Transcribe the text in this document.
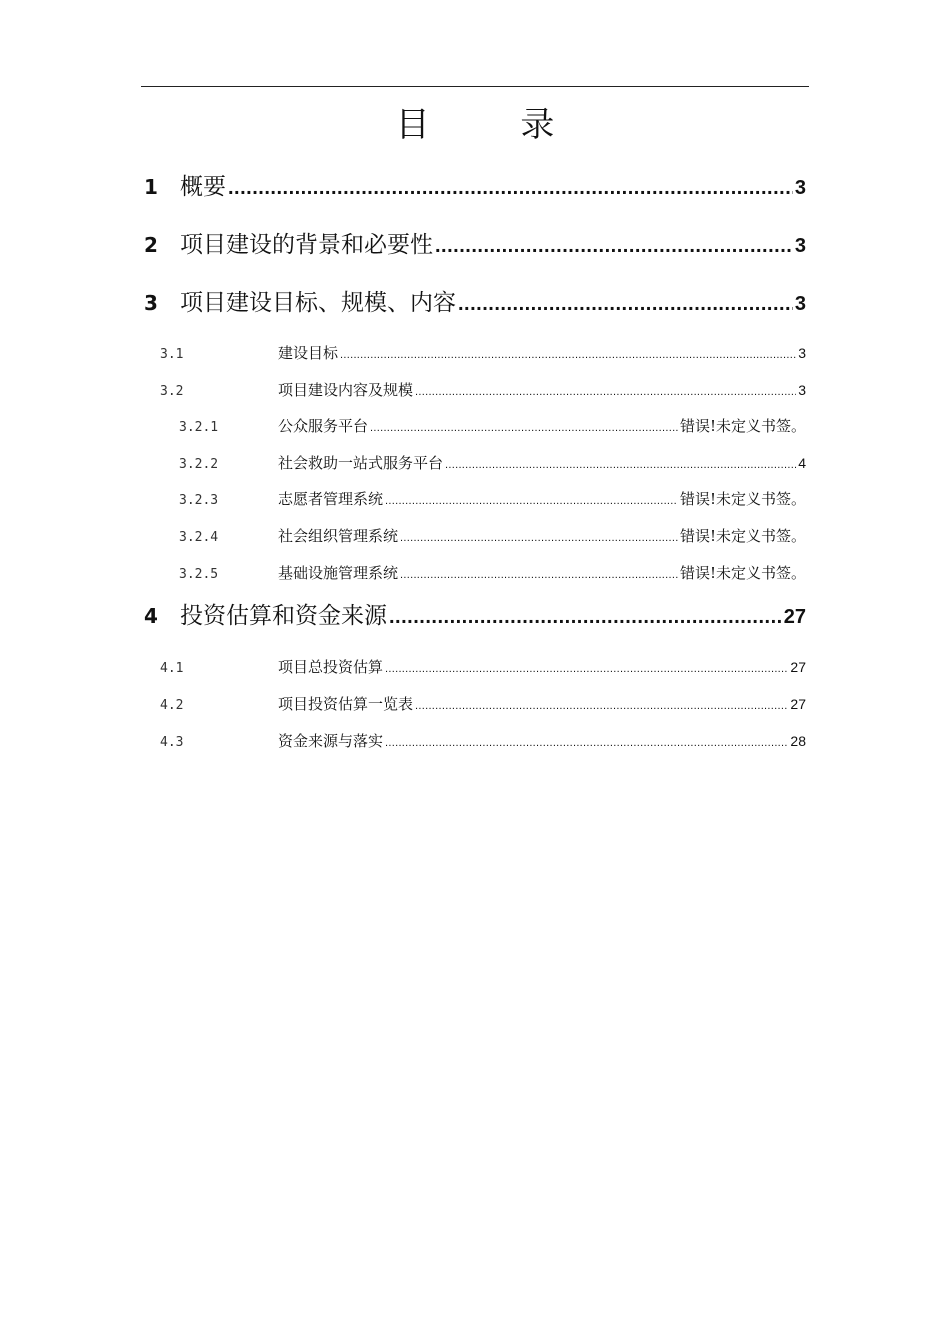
目 录
1 概要 .....	3
2 项目建设的背景和必要性 .....	3
3 项目建设目标、规模、内容 .....	3
3.1	建设目标 .....	3
3.2	项目建设内容及规模 .....	3
3.2.1	公众服务平台 .....	错误!未定义书签。
3.2.2	社会救助一站式服务平台 .....	4
3.2.3	志愿者管理系统 .....	错误!未定义书签。
3.2.4	社会组织管理系统 .....	错误!未定义书签。
3.2.5	基础设施管理系统 .....	错误!未定义书签。
4 投资估算和资金来源 .....	27
4.1	项目总投资估算 .....	27
4.2	项目投资估算一览表 .....	27
4.3	资金来源与落实 .....	28
